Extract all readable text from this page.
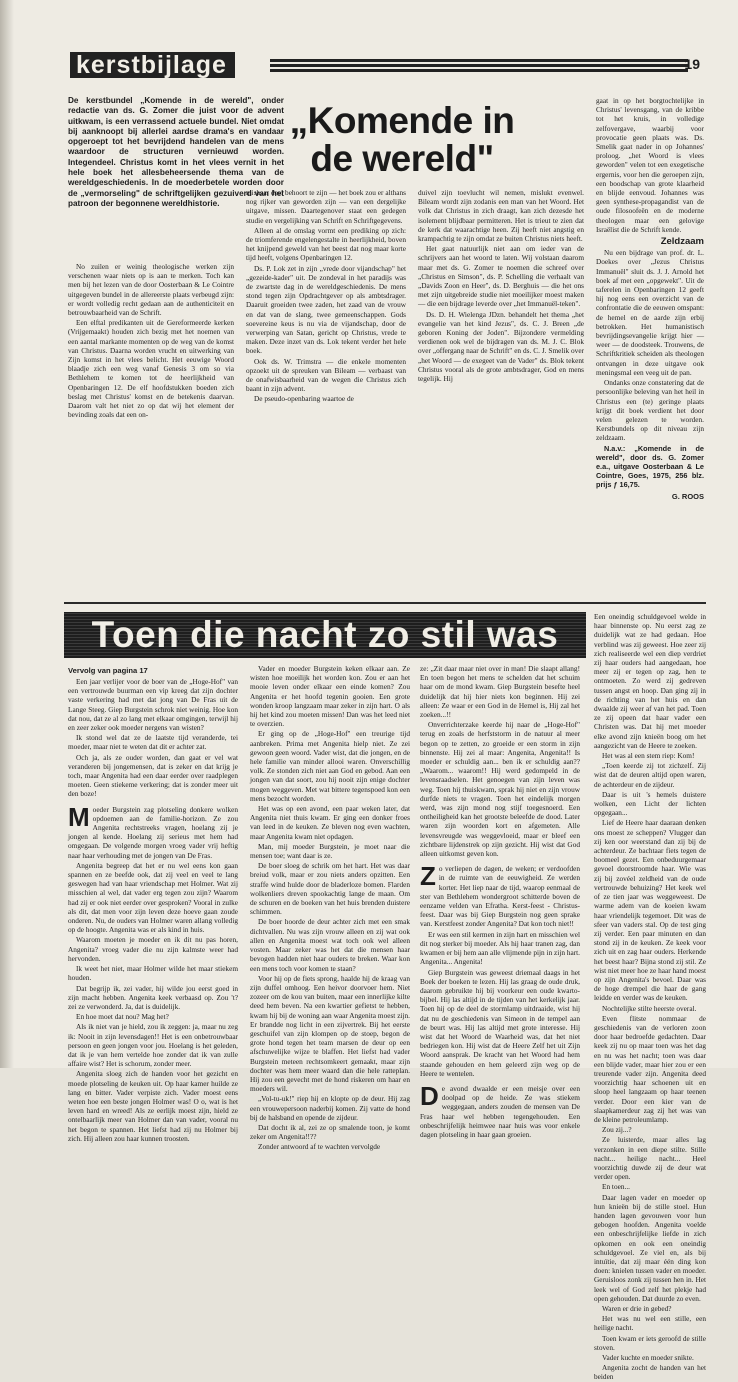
kerstbijlage	19
De kerstbundel „Komende in de wereld", onder redactie van ds. G. Zomer die juist voor de advent uitkwam, is een verrassend actuele bundel. Niet omdat bij aanknoopt bij allerlei aardse drama's en vandaar opgeroept tot het bevrijdend handelen van de mens waardoor de structuren vernieuwd worden. Integendeel. Christus komt in het vlees vernit in het hele boek het allesbeheersende thema van de wereldgeschiedenis. In de moederbetele worden door de „vermorseling" de schriftgelijken gezuiverd van het patroon der begonnene wereldhistorie.
„Komende in de wereld"

No zuilen er weinig theologische werken zijn verschenen waar niets op is aan te merken. Toch kan men bij het lezen van de door Oosterbaan & Le Cointre uitgegeven bundel in de allereerste plaats verbeugd zijn: er wordt volledig recht gedaan aan de authenticiteit en betrouwbaarheid van de Schrift.

Een elftal predikanten uit de Gereformeerde kerken (Vrijgemaakt) houden zich bezig met het noemen van een aantal markante momenten op de weg van de komst van Christus. Daarna worden vrucht en uitwerking van Zijn komst in het vlees belicht. Het eeuwige Woord blaadje zich een weg vanaf Genesis 3 om so via Bethlehem te komen tot de heerlijkheid van Openbaringen 12. De elf hoofdstukken boeden zich beslag met Christus' komst en de betekenis daarvan. Daarom valt het niet zo op dat wij het element der bevinding zoals dat een on-

misbaar deel behoort te zijn — het boek zou er althans nog rijker van geworden zijn — van een dergelijke uitgave, missen. Daartegenover staat een gedegen studie en vergelijking van Schrift en Schriftgegevens.

Alleen al de omslag vormt een prediking op zich: de triomferende engelengestalte in heerlijkheid, boven het knijpend geweld van het beest dat nog maar korte tijd heeft, volgens Openbaringen 12.

Ds. P. Lok zet in zijn „vrede door vijandschap" het „gezeide-kader" uit. De zondeval in het paradijs was de zwartste dag in de wereldgeschiedenis. De mens stond tegen zijn Opdrachtgever op als ambtsdrager. Daaruit groeiden twee zaden, het zaad van de vrouw en dat van de slang, twee gemeenschappen. Gods soevereine keus is nu via de vijandschap, door de verwerping van Satan, gericht op Christus, vrede te maken. Deze inzet van ds. Lok tekent verder het hele boek.

Ook ds. W. Trimstra — die enkele momenten opzoekt uit de spreuken van Bileam — verbaast van de onafwisbaarheid van de wegen die Christus zich baant in zijn advent.

De pseudo-openbaring waartoe de

duivel zijn toevlucht wil nemen, mislukt evenwel. Bileam wordt zijn zodanis een man van het Woord. Het volk dat Christus in zich draagt, kan zich dezesde het isolement blijdbaar permitteren. Het is trieut te zien dat de kerk dat waarachtige heen. Zij heeft niet angstig en krampachtig te zijn omdat ze buiten Christus niets heeft.

Het gaat natuurlijk niet aan om ieder van de schrijvers aan het woord te laten. Wij volstaan daarom maar met ds. G. Zomer te noemen die schreef over „Christus en Simson", ds. P. Schelling die verhaalt van „Davids Zoon en Heer", ds. D. Berghuis — die het ons met zijn uitgebreide studie niet moeilijker moest maken — die een bijdrage leverde over „het Immanuël-teken".

Ds. D. H. Wielenga JDzn. behandelt het thema „het evangelie van het kind Jezus", ds. C. J. Breen „de geboren Koning der Joden". Bijzondere vermelding verdienen ook wel de bijdragen van ds. M. J. C. Blok over „offergang naar de Schrift" en ds. C. J. Smelik over „het Woord — de exegeet van de Vader" ds. Blok tekent Christus vooral als de grote ambtsdrager, God en mens tegelijk. Hij

gaat in op het borgtochtelijke in Christus' levensgang, van de kribbe tot het kruis, in volledige zelfovergave, waarbij voor provocatie geen plaats was. Ds. Smelik gaat nader in op Johannes' proloog. „het Woord is vlees geworden" velen tot een exegetische ergernis, voor hen die geroepen zijn, een boodschap van grote klaarheid en blijde eenvoud. Johannes was geen synthese-propagandist van de oude filosoofeën en de moderne theologen maar een gelovige Israëlist die de Schrift kende.

Zeldzaam

Nu een bijdrage van prof. dr. L. Doekes over „Jezus Christus Immanuël" sluit ds. J. J. Arnold het boek af met een „opgewekt". Uit de taferelen in Openbaringen 12 geeft hij nog eens een overzicht van de confrontatie die de eeuwen omspant: de hemel en de aarde zijn erbij betrokken. Het humanistisch bevrijdingsevangelie krijgt hier — weer — de doodsteek. Trouwens, de Schriftkritiek scheiden als theologen ontvangen in deze uitgave ook meningsmal een veeg uit de pan.

Ondanks onze constatering dat de persoonlijke beleving van het heil in Christus een (te) geringe plaats krijgt dit boek verdient het door velen gelezen te worden. Kerstbundels op dit niveau zijn zeldzaam.

N.a.v.: „Komende in de wereld", door ds. G. Zomer e.a., uitgave Oosterbaan & Le Cointre, Goes, 1975, 256 blz. prijs ƒ 16,75.

G. ROOS
Toen die nacht zo stil was
Vervolg van pagina 17

Een jaar verlijer voor de boer van de „Hoge-Hof" van een vertrouwde buurman een vip kreeg dat zijn dochter vaste verkering had met dat jong van De Fras uit de Lange Steeg. Giep Burgstein schrok niet weinig. Hoe kon dat nou, dat ze al zo lang met elkaar omgingen, terwijl hij en zeer zeker ook moeder nergens van wisten?

Ik stond wel dat ze de laatste tijd veranderde, tei moeder, maar niet te weten dat dit er achter zat.

Och ja, als ze ouder worden, dan gaat er vel wat veranderen bij jongemensen, dat is zeker en dat krijg je toch, maar Angenita had een daar eerder over raadplegen moeten. Geen stiekeme verkering; dat is zonder meer uit den boze!

Moeder Burgstein zag plotseling donkere wolken opdoemen aan de familie-horizon. Ze zou Angenita rechtstreeks vragen, hoelang zij je jongen al kende. Hoelang zij serieus met hem had omgegaan. De volgende morgen vroeg vader vrij heftig naar haar verhouding met de jongen van De Fras.

Angenita begreep dat het er nu wel eens kon gaan spannen en ze beefde ook, dat zij veel en veel te lang geswegen had van haar vriendschap met Holmer. Wat zij misschien al wel, dat vader erg tegen zou zijn? Waarom had zij er ook niet eerder over gesproken? Vooral in zulke als dit, dat men voor zijn leven deze hoeve gaan zoude onderen. Nu, de ouders van Holmer waren allang volledig op de hoogte. Angenita was er als kind in huis.

Waarom moeten je moeder en ik dit nu pas horen, Angenita? vroeg vader die nu zijn kalmste weer had hervonden.

Ik weet het niet, maar Holmer wilde het maar stiekem houden.

Dat begrijp ik, zei vader, hij wilde jou eerst goed in zijn macht hebben. Angenita keek verbaasd op. Zou 't? zei ze verwonderd. Ja, dat is duidelijk.

En hoe moet dat nou? Mag het?

Als ik niet van je hield, zou ik zeggen: ja, maar nu zeg ik: Nooit in zijn levensdagen!! Het is een onbetrouwbaar persoon en geen jongen voor jou. Hoelang is het geleden, dat ik je van hem vertelde hoe zonder dat ik van zulle affaire wist? Het is schorum, zonder meer.

Angenita sloeg zich de handen voor het gezicht en moede plotseling de keuken uit. Op haar kamer huilde ze lang en bitter. Vader verpiste zich. Vader moest eens weten hoe een beste jongen Holmer was! O o, wat is het leven hard en wreed! Als ze eerlijk moest zijn, hield ze ontelbaarlijk meer van Holmer dan van vader, vooral nu het begon te spannen. Het liefst had zij nu Holmer bij zich. Hij alleen zou haar kunnen troosten.

Vader en moeder Burgstein keken elkaar aan. Ze wisten hoe moeilijk het worden kon. Zou er aan het mooie leven onder elkaar een einde komen? Zou Angenita er het hoofd tegenin gooien. Een grote wonden kroop langzaam maar zeker in zijn hart. O als hij het kind zou moeten missen! Dan was het leed niet te overzien.

Er ging op de „Hoge-Hof" een treurige tijd aanbreken. Prima met Angenita hielp niet. Ze zei gewoon geen woord. Vader wist, dat die jongen, en de hele familie van minder allooi waren. Onverschillig volk. Ze stonden zich niet aan God en gebod. Aan een jongen van dat soort, zou hij nooit zijn enige dochter mogen weggeven. Met wat bittere tegenspoed kon een mens bezocht worden.

Het was op een avond, een paar weken later, dat Angenita niet thuis kwam. Er ging een donker froes van leed in de keuken. Ze bleven nog even wachten, maar Angenita kwam niet opdagen.

Man, mij moeder Burgstein, je moet naar die mensen toe; want daar is ze.

De boer sloeg de schrik om het hart. Het was daar breiud volk, maar er zou niets anders opzitten. Een straffe wind hulde door de bladerloze bomen. Flarden wolkenliers dreven spookachtig lange de maan. Om de schuren en de boeken van het huis brenden duistere schimmen.

De boer hoorde de deur achter zich met een smak dichtvallen. Nu was zijn vrouw alleen en zij wat ook allen en Angenita moest wat toch ook wel alleen vosten. Maar zeker was het dat die mensen haar bevogen hadden niet haar ouders te breken. Waar kon een mens toch voor komen te staan?

Voor hij op de fiets sprong, haalde hij de kraag van zijn duffel omhoog. Een heivor doorvoer hem. Niet zozeer om de kou van buiten, maar een innerlijke kilte deed hem beven. Na een kwartier gefietst te hebben, kwam hij bij de woning aan waar Angenita moest zijn. Er brandde nog licht in een zijvertrek. Bij het eerste geschuifel van zijn klompen op de stoep, begon de grote hond tegen het team marsen de deur op een afschuwelijke wijze te blaffen. Het liefst had vader Burgstein meteen rechtsomkeert gemaakt, maar zijn dochter was hem meer waard dan die hele ratteplan. Hij zou een gevecht met de hond riskeren om haar en moeders wil.

„Vol-tu-uk!" riep hij en klopte op de deur. Hij zag een vrouwepersoon naderbij komen. Zij vatte de hond bij de halsband en opende de zijdeur.

Dat docht ik al, zei ze op smalende toon, je komt zeker om Angenita!!??

Zonder antwoord af te wachten vervolgde

ze: „Zit daar maar niet over in man! Die slaapt allang! En toen begon het mens te schelden dat het schuim haar om de mond kwam. Giep Burgstein besefte heel duidelijk dat hij hier niets kon beginnen. Hij zei alleen: Ze waar er een God in de Hemel is, Hij zal het zoeken...!!

Onverrichterzake keerde hij naar de „Hoge-Hof" terug en zoals de herfststorm in de natuur al meer begon op te zetten, zo groeide er een storm in zijn binnenste. Hij zei al maar: Angenita, Angenita!! Is moeder er schuldig aan... ben ik er schuldig aan?? „Waarom... waarom!! Hij werd gedompeld in de levensraadselen. Het genoegen van zijn leven was weg. Toen hij thuiskwam, sprak hij niet en zijn vrouw durfde niets te vragen. Toen het eindelijk morgen werd, was zijn mond nog stijf toegesnoerd. Een ontheiligheid kan het grootste beleefde de dood. Later waren zijn woorden kort en afgemeten. Alle levensvreugde was weggevloeid, maar er bleef een zichtbare lijdenstrek op zijn gezicht. Hij wist dat God alleen uitkomst geven kon.

Zo verliepen de dagen, de weken; er verdoofden in de ruimte van de eeuwigheid. Ze werden korter. Het liep naar de tijd, waarop eenmaal de ster van Bethlehem wondergroot schitterde boven de eenzame velden van Efratha. Kerst-feest - Christus-feest. Daar was bij Giep Burgstein nog geen sprake van. Kerstfeest zonder Angenita? Dat kon toch niet!!

Er was een stil kermen in zijn hart en misschien wel dit nog sterker bij moeder. Als hij haar tranen zag, dan kwamen er bij hem aan alle vlijmende pijn in zijn hart. Angenita... Angenita!

Giep Burgstein was geweest driemaal daags in het Boek der boeken te lezen. Hij las graag de oude druk, daarom gebruikte hij bij voorkeur een oude kwarto-bijbel. Hij las altijd in de tijden van het kerkelijk jaar. Toen hij op de deel de stormlamp uitdraaide, wist hij dat nu de geschiedenis van Simeon in de tempel aan de beurt was. Hij las altijd met grote interesse. Hij wist dat het Woord de Waarheid was, dat het niet bedriegen kon. Hij wist dat de Heere Zelf het uit Zijn Woord aansprak. De kracht van het Woord had hem staande gehouden en hem geleerd zijn weg op de Heere te wentelen.

De avond dwaalde er een meisje over een doolpad op de heide. Ze was stiekem weggegaan, anders zouden de mensen van De Fras haar wel hebben tegengehouden. Een onbeschrijfelijk heimwee naar huis was voor enkele dagen plotseling in haar gaan groeien.

Een oneindig schuldgevoel welde in haar binnenste op. Nu eerst zag ze duidelijk wat ze had gedaan. Hoe verblind was zij geweest. Hoe zeer zij zich realiseerde wel een diep verdriet zij haar ouders had aangedaan, hoe meer zij er tegen op zag, hen te ontmoeten. Zo werd zij gedreven tussen angst en hoop. Dan ging zij in de richting van het huis en dan dwaalde zij weer af van het pad. Toen ze zij opeen dat haar vader een Christen was. Dat hij met moeder elke avond zijn knieën boog om het aangezicht van de Heere te zoeken.

Het was al een stem riep: Kom!

„Toen keerde zij tot zichzelf. Zij wist dat de deuren altijd open waren, de achterdeur en de zijdeur.

Daar is uit 's hemels duistere wolken, een Licht der lichten opgegaan...

Lief de Heere haar daaraan denken ons moest ze scheppen? Vlugger dan zij ken oor weerstand dan zij bij de achterdeur. Ze bachtaar fiets tegen de boomeel gezet. Een onbeduurgemaar gevoel doorstroomde haar. Wie was zij bij zovéel zeldheid van de oude vertrouwde behuizing? Het keek wel of ze tien jaar was weggeweest. De warme adem van de koeien kwam haar vriendelijk tegemoet. Dit was de sfeer van vaders stal. Op de test ging zij verder. Een paar minuten en dan stond zij in de keuken. Ze keek voor zich uit en zag haar ouders. Herkende het beest haar? Bijna stond zij stil. Ze wist niet meer hoe ze haar hand moest op zijn Angenita's bevoel. Daar was de hoge drempel die haar de gang leidde en verder was de keuken.

Nochtelijke stilte heerste overal.

Even flitste nommaar de geschiedenis van de verloren zoon door haar bedroefde gedachten. Daar keek zij nu op maar toen was het dag en nu was het nacht; toen was daar een blijde vader, maar hier zou er een treurende vader zijn. Angenita deed voorzichtig haar schoenen uit en sloop heel langzaam op haar teenen verder. Door een kier van de slaapkamerdeur zag zij het was van de kleine petroleumlamp.

Zou zij...?

Ze luisterde, maar alles lag verzonken in een diepe stilte. Stille nacht... heilige nacht... Heel voorzichtig duwde zij de deur wat verder open.

En toen...

Daar lagen vader en moeder op hun knieën bij de stille stoel. Hun handen lagen gevouwen voor hun gebogen hoofden. Angenita voelde een onbeschrijfelijke liefde in zich opkomen en ook een oneindig schuldgevoel. Ze viel en, als bij intuïtie, dat zij maar één ding kon doen: knielen tussen vader en moeder. Geruisloos zonk zij tussen hen in. Het leek wel of God zelf het plekje had open gehouden. Dat duurde zo even.

Waren er drie in gebed?

Het was nu wel een stille, een heilige nacht.

Toen kwam er iets geroofd de stille stoven.

Vader kuchte en moeder snikte.

Angenita zocht de handen van het beiden
